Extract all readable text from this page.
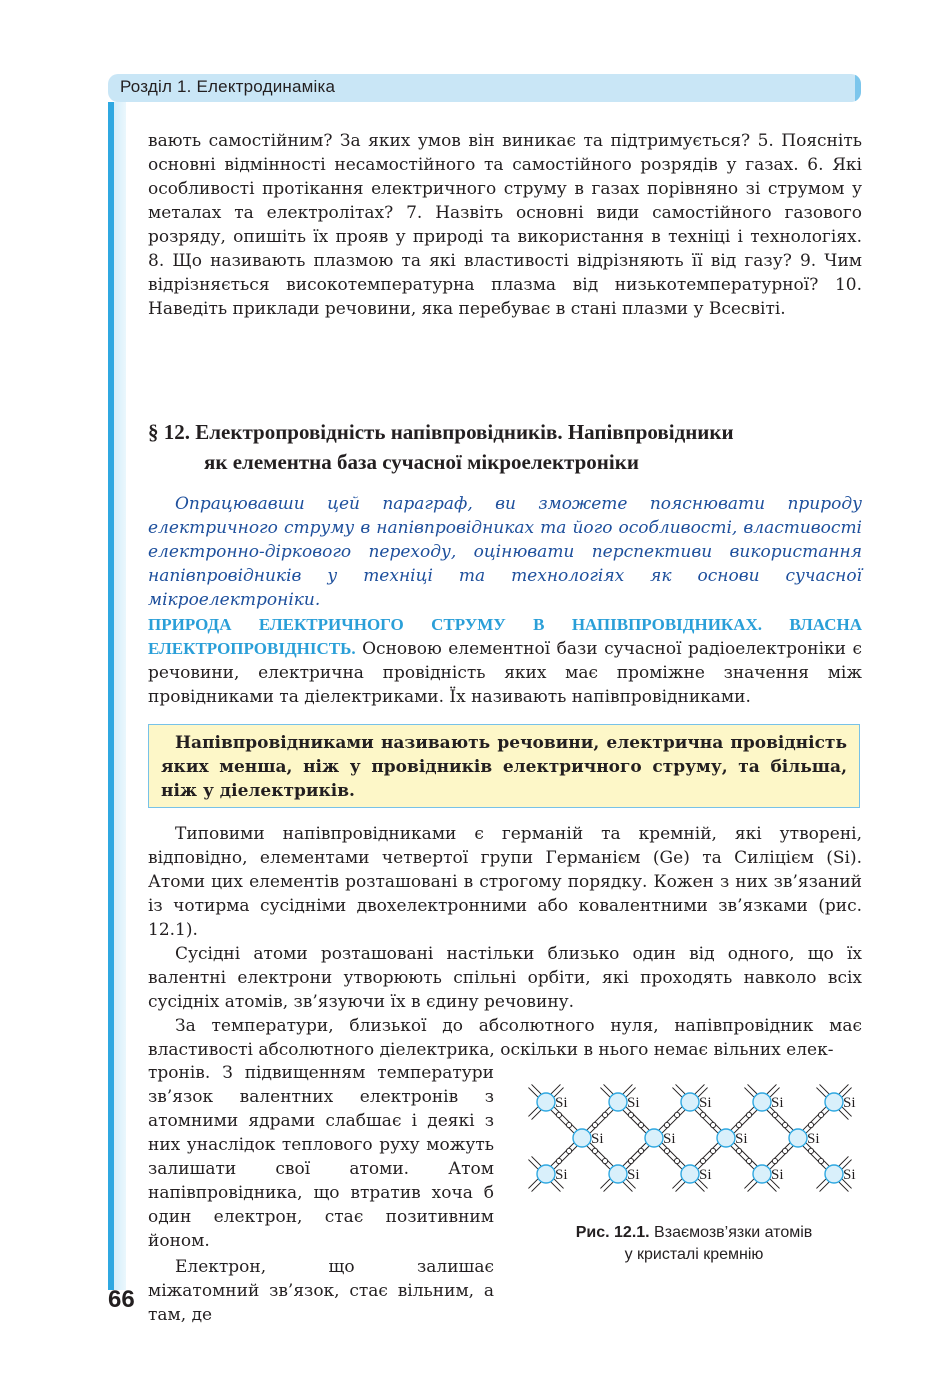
Розділ 1. Електродинаміка

вають самостійним? За яких умов він виникає та підтримується? 5. Поясніть основні відмінності несамостійного та самостійного розрядів у газах. 6. Які особливості протікання електричного струму в газах порівняно зі струмом у металах та електролітах? 7. Назвіть основні види самостійного газового розряду, опишіть їх прояв у природі та використання в техніці і технологіях. 8. Що називають плазмою та які властивості відрізняють її від газу? 9. Чим відрізняється високотемпературна плазма від низькотемпературної? 10. Наведіть приклади речовини, яка перебуває в стані плазми у Всесвіті.

§ 12. Електропровідність напівпровідників. Напівпровідники
як елементна база сучасної мікроелектроніки

Опрацювавши цей параграф, ви зможете пояснювати природу електричного струму в напівпровідниках та його особливості, властивості електронно-діркового переходу, оцінювати перспективи використання напівпровідників у техніці та технологіях як основи сучасної мікроелектроніки.

ПРИРОДА ЕЛЕКТРИЧНОГО СТРУМУ В НАПІВПРОВІДНИКАХ. ВЛАСНА ЕЛЕКТРОПРОВІДНІСТЬ. Основою елементної бази сучасної радіоелектроніки є речовини, електрична провідність яких має проміжне значення між провідниками та діелектриками. Їх називають напівпровідниками.

Напівпровідниками називають речовини, електрична провідність яких менша, ніж у провідників електричного струму, та більша, ніж у діелектриків.

Типовими напівпровідниками є германій та кремній, які утворені, відповідно, елементами четвертої групи Германієм (Ge) та Силіцієм (Si). Атоми цих елементів розташовані в строгому порядку. Кожен з них зв’язаний із чотирма сусідніми двохелектронними або ковалентними зв’язками (рис. 12.1).

Сусідні атоми розташовані настільки близько один від одного, що їх валентні електрони утворюють спільні орбіти, які проходять навколо всіх сусідніх атомів, зв’язуючи їх в єдину речовину.

За температури, близької до абсолютного нуля, напівпровідник має властивості абсолютного діелектрика, оскільки в нього немає вільних елек-

тронів. З підвищенням температури зв’язок валентних електронів з атомними ядрами слабшає і деякі з них унаслідок теплового руху можуть залишати свої атоми. Атом напівпровідника, що втратив хоча б один електрон, стає позитивним йоном.

Електрон, що залишає міжатомний зв’язок, стає вільним, а там, де

Si	Si	Si	Si	Si
Si	Si	Si	Si
Si	Si	Si	Si	Si
Рис. 12.1. Взаємозв’язки атомів
у кристалі кремнію
66
